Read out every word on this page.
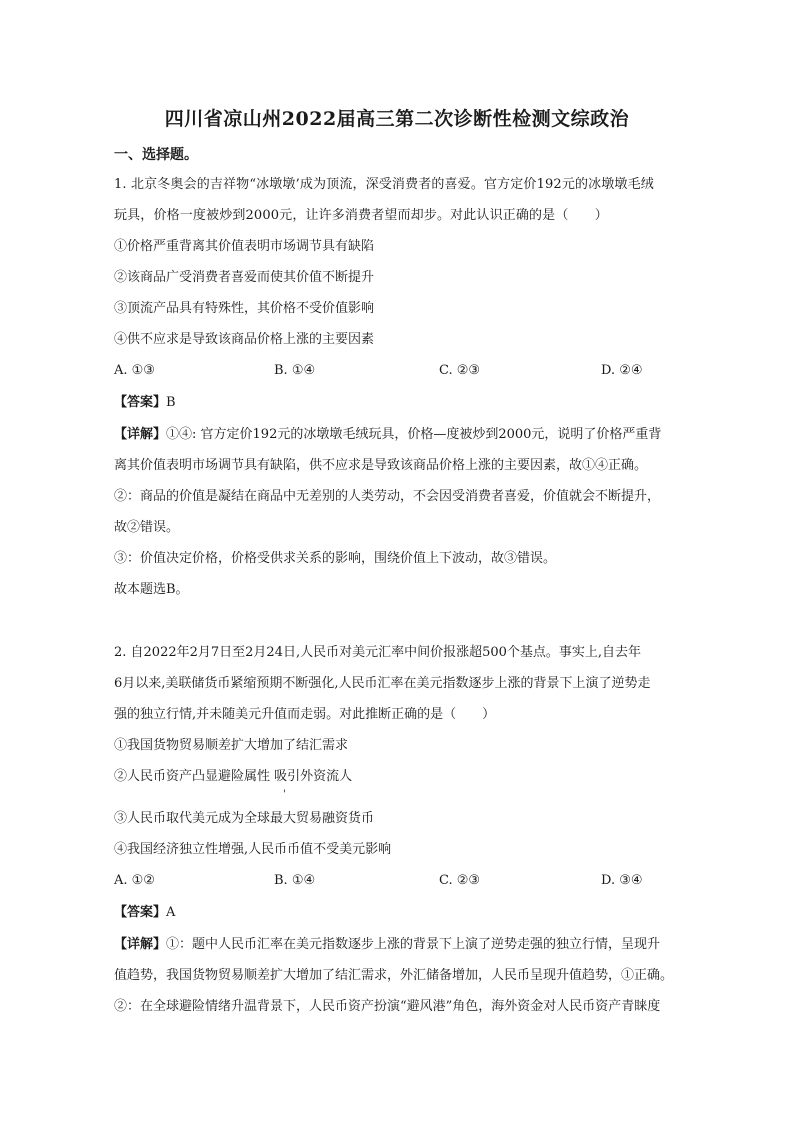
四川省凉山州2022届高三第二次诊断性检测文综政治
一、选择题。
1. 北京冬奥会的吉祥物“冰墩墩’成为顶流，深受消费者的喜爱。官方定价192元的冰墩墩毛绒
玩具，价格一度被炒到2000元，让许多消费者望而却步。对此认识正确的是（　　）
①价格严重背离其价值表明市场调节具有缺陷
②该商品广受消费者喜爱而使其价值不断提升
③顶流产品具有特殊性，其价格不受价值影响
④供不应求是导致该商品价格上涨的主要因素
A. ①③	B. ①④	C. ②③	D. ②④
【答案】B
【详解】①④: 官方定价192元的冰墩墩毛绒玩具，价格—度被炒到2000元，说明了价格严重背
离其价值表明市场调节具有缺陷，供不应求是导致该商品价格上涨的主要因素，故①④正确。
②：商品的价值是凝结在商品中无差别的人类劳动，不会因受消费者喜爱，价值就会不断提升，
故②错误。
③：价值决定价格，价格受供求关系的影响，围绕价值上下波动，故③错误。
故本题选B。
2. 自2022年2月7日至2月24日,人民币对美元汇率中间价报涨超500个基点。事实上,自去年
6月以来,美联储货币紧缩预期不断强化,人民币汇率在美元指数逐步上涨的背景下上演了逆势走
强的独立行情,并未随美元升值而走弱。对此推断正确的是（　　）
①我国货物贸易顺差扩大增加了结汇需求
②人民币资产凸显避险属性 吸引外资流人
'
③人民币取代美元成为全球最大贸易融资货币
④我国经济独立性增强,人民币币值不受美元影响
A. ①②	B. ①④	C. ②③	D. ③④
【答案】A
【详解】①：题中人民币汇率在美元指数逐步上涨的背景下上演了逆势走强的独立行情，呈现升
值趋势，我国货物贸易顺差扩大增加了结汇需求，外汇储备增加，人民币呈现升值趋势，①正确。
②：在全球避险情绪升温背景下，人民币资产扮演“避风港”角色，海外资金对人民币资产青睐度
